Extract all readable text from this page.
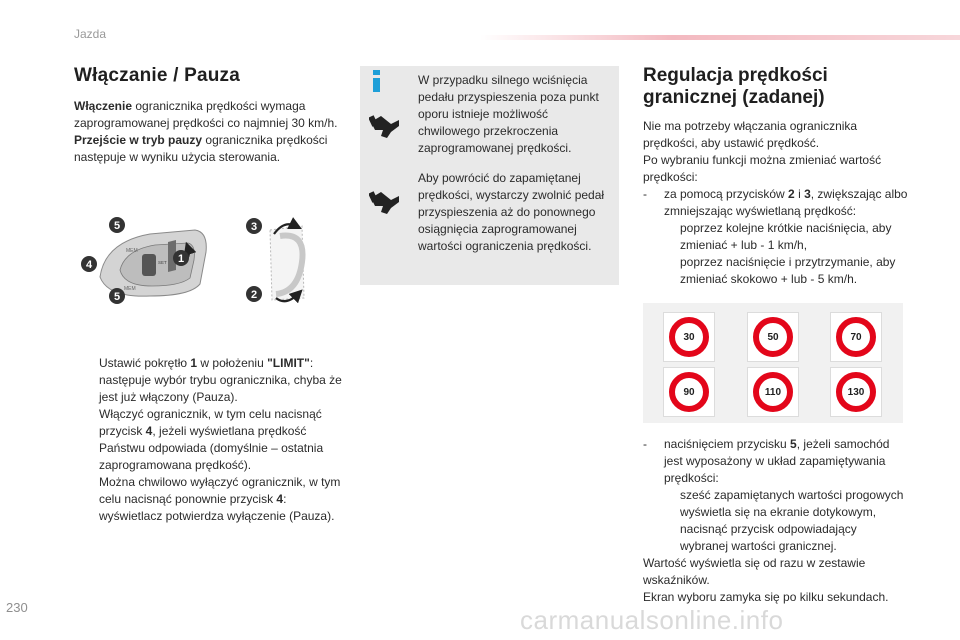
Jazda
Włączanie / Pauza
Włączenie ogranicznika prędkości wymaga zaprogramowanej prędkości co najmniej 30 km/h.
Przejście w tryb pauzy ogranicznika prędkości następuje w wyniku użycia sterowania.
MEM
MEM
SET
5
4
5
1
3
2
Ustawić pokrętło 1 w położeniu "LIMIT": następuje wybór trybu ogranicznika, chyba że jest już włączony (Pauza).
Włączyć ogranicznik, w tym celu nacisnąć przycisk 4, jeżeli wyświetlana prędkość Państwu odpowiada (domyślnie – ostatnia zaprogramowana prędkość).
Można chwilowo wyłączyć ogranicznik, w tym celu nacisnąć ponownie przycisk 4: wyświetlacz potwierdza wyłączenie (Pauza).
W przypadku silnego wciśnięcia pedału przyspieszenia poza punkt oporu istnieje możliwość chwilowego przekroczenia zaprogramowanej prędkości.
Aby powrócić do zapamiętanej prędkości, wystarczy zwolnić pedał przyspieszenia aż do ponownego osiągnięcia zaprogramowanej wartości ograniczenia prędkości.
Regulacja prędkości granicznej (zadanej)
Nie ma potrzeby włączania ogranicznika prędkości, aby ustawić prędkość.
Po wybraniu funkcji można zmieniać wartość prędkości:
- za pomocą przycisków 2 i 3, zwiększając albo zmniejszając wyświetlaną prędkość:
poprzez kolejne krótkie naciśnięcia, aby zmieniać + lub - 1 km/h,
poprzez naciśnięcie i przytrzymanie, aby zmieniać skokowo + lub - 5 km/h.
30	50	70
90	110	130
- naciśnięciem przycisku 5, jeżeli samochód jest wyposażony w układ zapamiętywania prędkości:
sześć zapamiętanych wartości progowych wyświetla się na ekranie dotykowym,
nacisnąć przycisk odpowiadający wybranej wartości granicznej.
Wartość wyświetla się od razu w zestawie wskaźników.
Ekran wyboru zamyka się po kilku sekundach.
230	carmanualsonline.info
